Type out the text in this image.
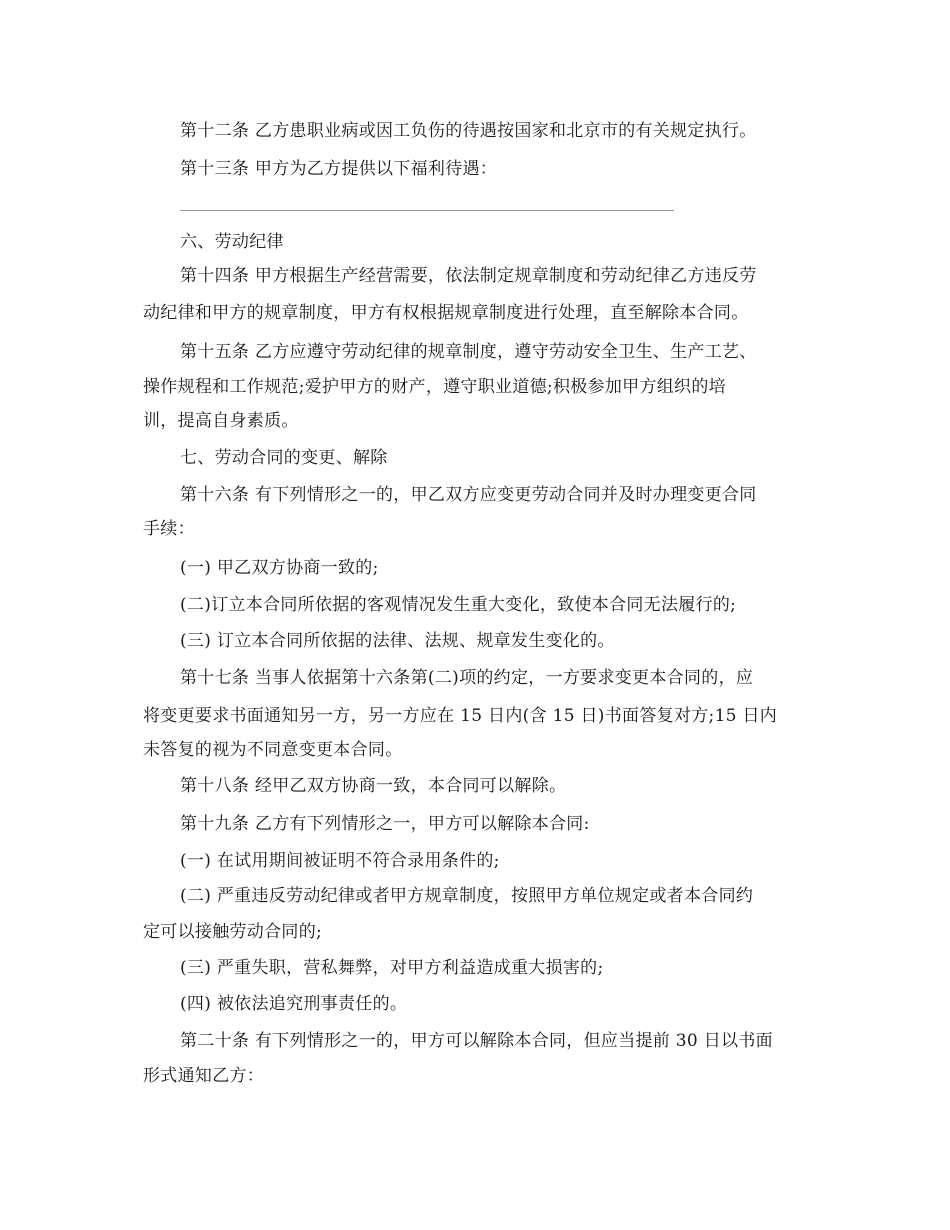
第十二条 乙方患职业病或因工负伤的待遇按国家和北京市的有关规定执行。
第十三条 甲方为乙方提供以下福利待遇：
六、劳动纪律
第十四条 甲方根据生产经营需要，依法制定规章制度和劳动纪律乙方违反劳
动纪律和甲方的规章制度，甲方有权根据规章制度进行处理，直至解除本合同。
第十五条 乙方应遵守劳动纪律的规章制度，遵守劳动安全卫生、生产工艺、
操作规程和工作规范;爱护甲方的财产，遵守职业道德;积极参加甲方组织的培
训，提高自身素质。
七、劳动合同的变更、解除
第十六条 有下列情形之一的，甲乙双方应变更劳动合同并及时办理变更合同
手续：
(一) 甲乙双方协商一致的;
(二)订立本合同所依据的客观情况发生重大变化，致使本合同无法履行的;
(三) 订立本合同所依据的法律、法规、规章发生变化的。
第十七条 当事人依据第十六条第(二)项的约定，一方要求变更本合同的，应
将变更要求书面通知另一方，另一方应在 15 日内(含 15 日)书面答复对方;15 日内
未答复的视为不同意变更本合同。
第十八条 经甲乙双方协商一致，本合同可以解除。
第十九条 乙方有下列情形之一，甲方可以解除本合同:
(一) 在试用期间被证明不符合录用条件的;
(二) 严重违反劳动纪律或者甲方规章制度，按照甲方单位规定或者本合同约
定可以接触劳动合同的;
(三) 严重失职，营私舞弊，对甲方利益造成重大损害的;
(四) 被依法追究刑事责任的。
第二十条 有下列情形之一的，甲方可以解除本合同，但应当提前 30 日以书面
形式通知乙方：
